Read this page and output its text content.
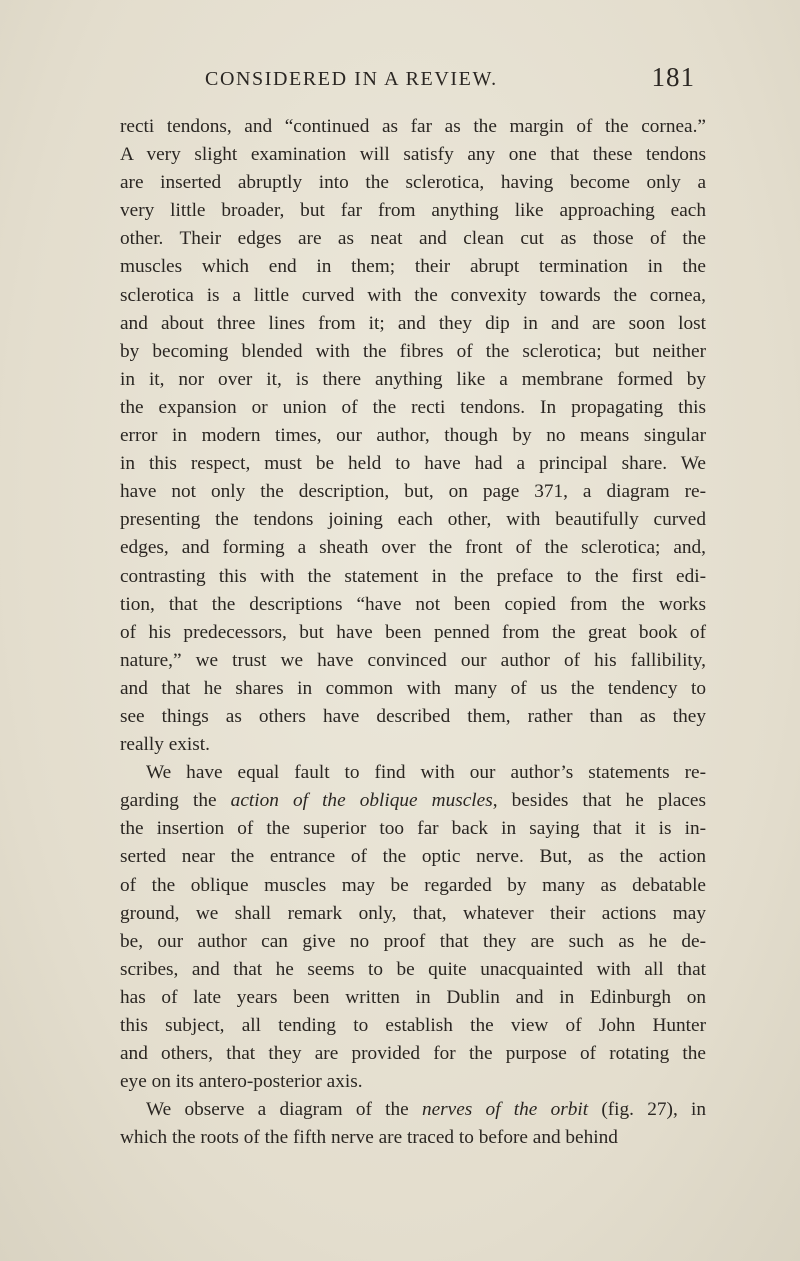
CONSIDERED IN A REVIEW.	181
recti tendons, and “continued as far as the margin of the cornea.”
A very slight examination will satisfy any one that these tendons
are inserted abruptly into the sclerotica, having become only a
very little broader, but far from anything like approaching each
other. Their edges are as neat and clean cut as those of the
muscles which end in them; their abrupt termination in the
sclerotica is a little curved with the convexity towards the cornea,
and about three lines from it; and they dip in and are soon lost
by becoming blended with the fibres of the sclerotica; but neither
in it, nor over it, is there anything like a membrane formed by
the expansion or union of the recti tendons. In propagating this
error in modern times, our author, though by no means singular
in this respect, must be held to have had a principal share. We
have not only the description, but, on page 371, a diagram re-
presenting the tendons joining each other, with beautifully curved
edges, and forming a sheath over the front of the sclerotica; and,
contrasting this with the statement in the preface to the first edi-
tion, that the descriptions “have not been copied from the works
of his predecessors, but have been penned from the great book of
nature,” we trust we have convinced our author of his fallibility,
and that he shares in common with many of us the tendency to
see things as others have described them, rather than as they
really exist.
We have equal fault to find with our author’s statements re-
garding the action of the oblique muscles, besides that he places
the insertion of the superior too far back in saying that it is in-
serted near the entrance of the optic nerve. But, as the action
of the oblique muscles may be regarded by many as debatable
ground, we shall remark only, that, whatever their actions may
be, our author can give no proof that they are such as he de-
scribes, and that he seems to be quite unacquainted with all that
has of late years been written in Dublin and in Edinburgh on
this subject, all tending to establish the view of John Hunter
and others, that they are provided for the purpose of rotating the
eye on its antero-posterior axis.
We observe a diagram of the nerves of the orbit (fig. 27), in
which the roots of the fifth nerve are traced to before and behind
